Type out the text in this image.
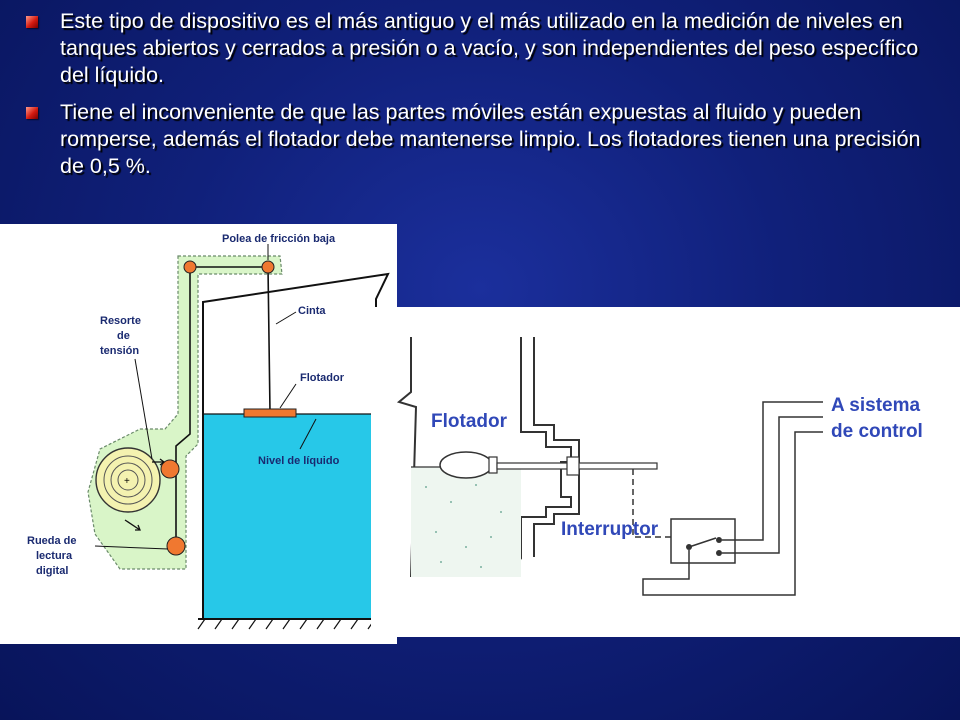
Este tipo de dispositivo es el más antiguo y el más utilizado en la medición de niveles en tanques abiertos y cerrados a presión o a vacío, y son independientes del peso específico del líquido.
Tiene el inconveniente de que las partes móviles están expuestas al fluido y pueden romperse, además el flotador debe mantenerse limpio. Los flotadores tienen una precisión de 0,5 %.
+
Polea de fricción baja
Cinta
Flotador
Nivel de líquido
Resorte
de
tensión
Rueda de
lectura
digital
Flotador
Interruptor
A sistema
de control
